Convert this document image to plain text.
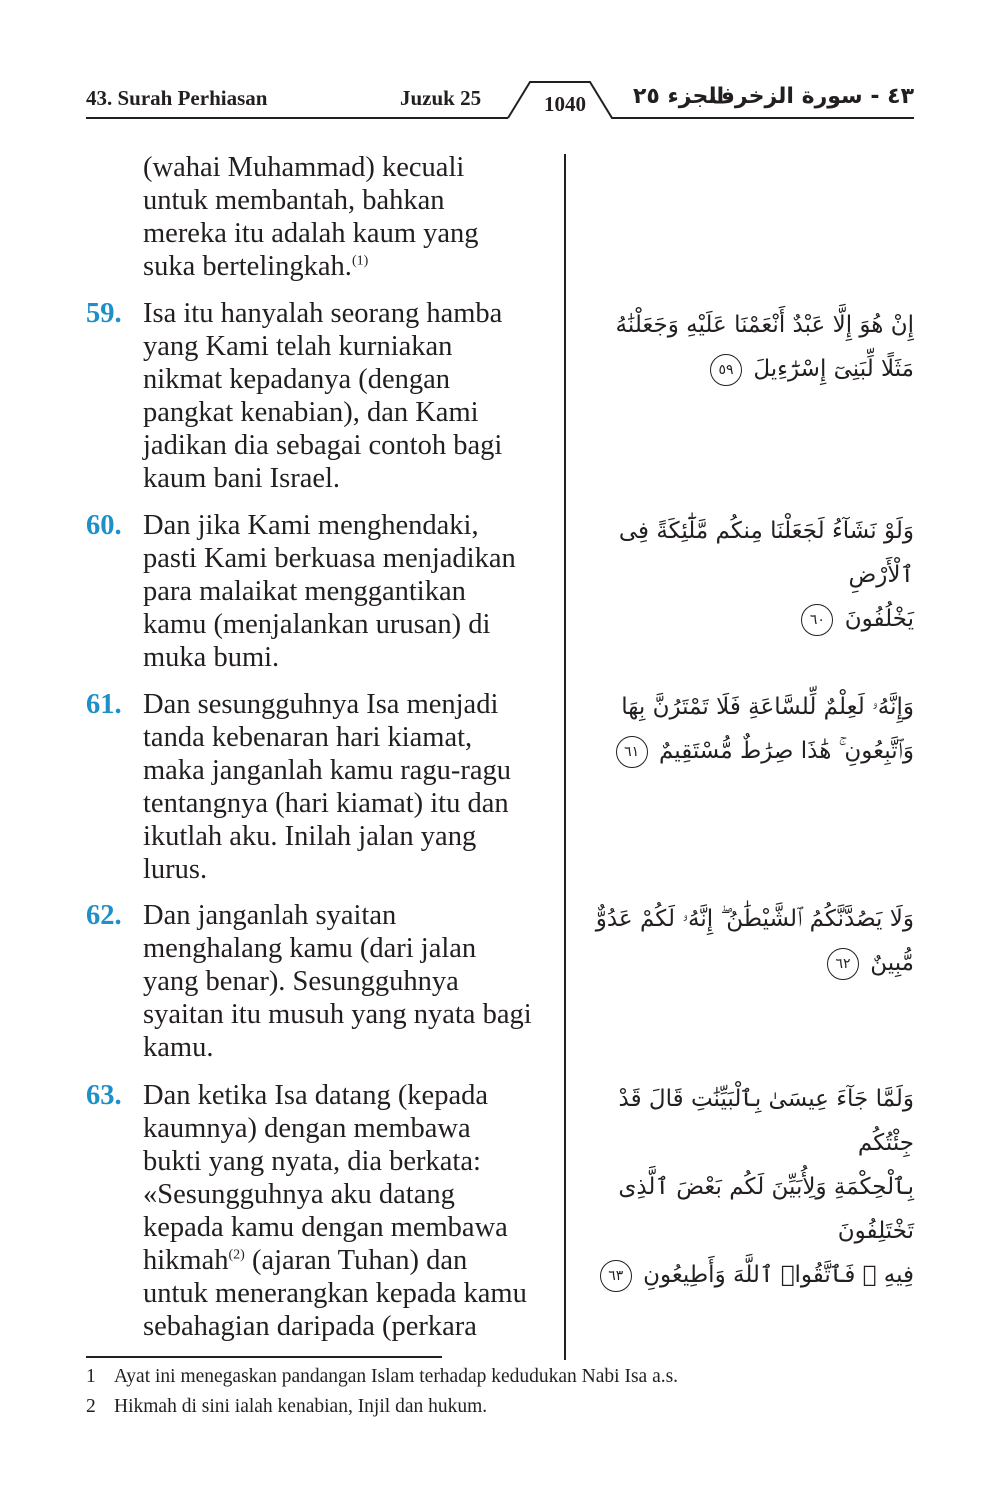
43. Surah Perhiasan	Juzuk 25	1040	الجزء ٢٥
٤٣ - سورة الزخرف
(wahai Muhammad) kecuali
untuk membantah, bahkan
mereka itu adalah kaum yang
suka bertelingkah.$^{(1)}$
59. Isa itu hanyalah seorang hamba
yang Kami telah kurniakan
nikmat kepadanya (dengan
pangkat kenabian), dan Kami
jadikan dia sebagai contoh bagi
kaum bani Israel.
إِنْ هُوَ إِلَّا عَبْدٌ أَنْعَمْنَا عَلَيْهِ وَجَعَلْنَٰهُ
مَثَلًا لِّبَنِىٓ إِسْرَٰٓءِيلَ ٥٩
60. Dan jika Kami menghendaki,
pasti Kami berkuasa menjadikan
para malaikat menggantikan
kamu (menjalankan urusan) di
muka bumi.
وَلَوْ نَشَآءُ لَجَعَلْنَا مِنكُم مَّلَٰٓئِكَةً فِى ٱلْأَرْضِ
يَخْلُفُونَ ٦٠
61. Dan sesungguhnya Isa menjadi
tanda kebenaran hari kiamat,
maka janganlah kamu ragu-ragu
tentangnya (hari kiamat) itu dan
ikutlah aku. Inilah jalan yang
lurus.
وَإِنَّهُۥ لَعِلْمٌ لِّلسَّاعَةِ فَلَا تَمْتَرُنَّ بِهَا
وَٱتَّبِعُونِ ۚ هَٰذَا صِرَٰطٌ مُّسْتَقِيمٌ ٦١
62. Dan janganlah syaitan
menghalang kamu (dari jalan
yang benar). Sesungguhnya
syaitan itu musuh yang nyata bagi
kamu.
وَلَا يَصُدَّنَّكُمُ ٱلشَّيْطَٰنُ ۖ إِنَّهُۥ لَكُمْ عَدُوٌّ
مُّبِينٌ ٦٢
63. Dan ketika Isa datang (kepada
kaumnya) dengan membawa
bukti yang nyata, dia berkata:
«Sesungguhnya aku datang
kepada kamu dengan membawa
hikmah$^{(2)}$ (ajaran Tuhan) dan
untuk menerangkan kepada kamu
sebahagian daripada (perkara
وَلَمَّا جَآءَ عِيسَىٰ بِٱلْبَيِّنَٰتِ قَالَ قَدْ جِئْتُكُم
بِٱلْحِكْمَةِ وَلِأُبَيِّنَ لَكُم بَعْضَ ٱلَّذِى تَخْتَلِفُونَ
فِيهِ ۖ فَٱتَّقُوا۟ ٱللَّهَ وَأَطِيعُونِ ٦٣
1 Ayat ini menegaskan pandangan Islam terhadap kedudukan Nabi Isa a.s.
2 Hikmah di sini ialah kenabian, Injil dan hukum.
